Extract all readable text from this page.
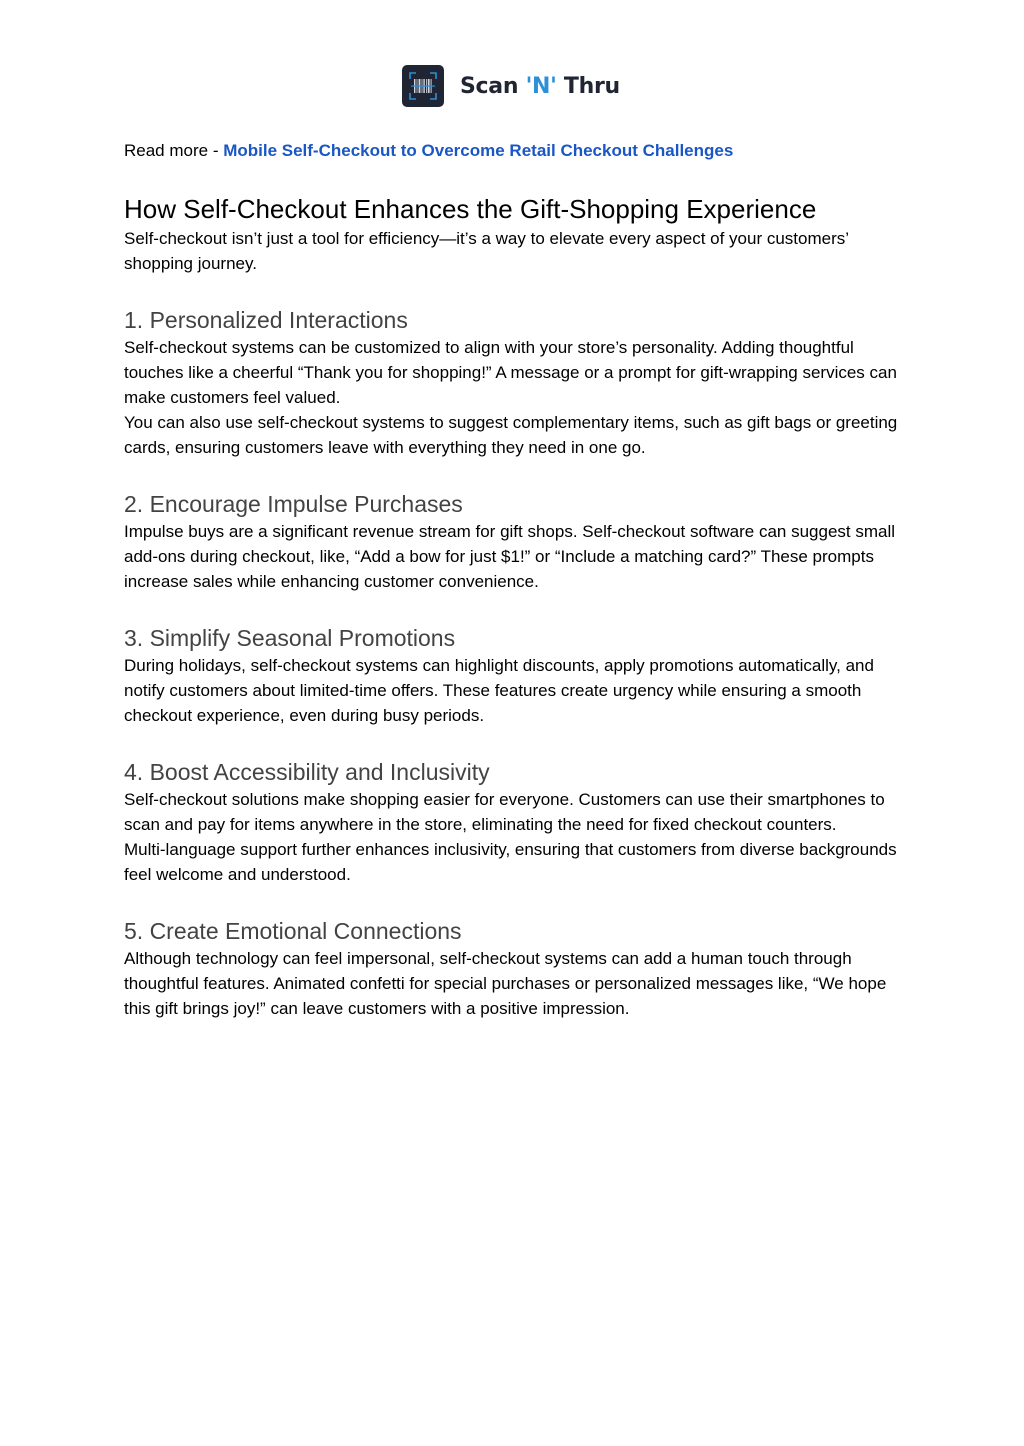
Scan 'N' Thru

Read more - Mobile Self-Checkout to Overcome Retail Checkout Challenges

How Self-Checkout Enhances the Gift-Shopping Experience

Self-checkout isn’t just a tool for efficiency—it’s a way to elevate every aspect of your customers’ shopping journey.

1. Personalized Interactions

Self-checkout systems can be customized to align with your store’s personality. Adding thoughtful touches like a cheerful “Thank you for shopping!” A message or a prompt for gift-wrapping services can make customers feel valued.

You can also use self-checkout systems to suggest complementary items, such as gift bags or greeting cards, ensuring customers leave with everything they need in one go.

2. Encourage Impulse Purchases

Impulse buys are a significant revenue stream for gift shops. Self-checkout software can suggest small add-ons during checkout, like, “Add a bow for just $1!” or “Include a matching card?” These prompts increase sales while enhancing customer convenience.

3. Simplify Seasonal Promotions

During holidays, self-checkout systems can highlight discounts, apply promotions automatically, and notify customers about limited-time offers. These features create urgency while ensuring a smooth checkout experience, even during busy periods.

4. Boost Accessibility and Inclusivity

Self-checkout solutions make shopping easier for everyone. Customers can use their smartphones to scan and pay for items anywhere in the store, eliminating the need for fixed checkout counters.

Multi-language support further enhances inclusivity, ensuring that customers from diverse backgrounds feel welcome and understood.

5. Create Emotional Connections

Although technology can feel impersonal, self-checkout systems can add a human touch through thoughtful features. Animated confetti for special purchases or personalized messages like, “We hope this gift brings joy!” can leave customers with a positive impression.
